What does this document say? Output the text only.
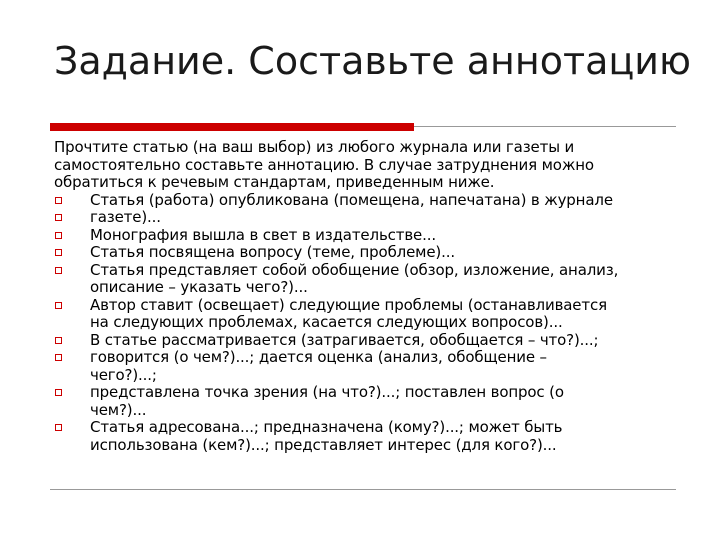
Задание. Составьте аннотацию
Прочтите статью (на ваш выбор) из любого журнала или газеты и
самостоятельно составьте аннотацию. В случае затруднения можно
обратиться к речевым стандартам, приведенным ниже.
Статья (работа) опубликована (помещена, напечатана) в журнале
газете)...
Монография вышла в свет в издательстве...
Статья посвящена вопросу (теме, проблеме)...
Статья представляет собой обобщение (обзор, изложение, анализ,
описание – указать чего?)...
Автор ставит (освещает) следующие проблемы (останавливается
на следующих проблемах, касается следующих вопросов)...
В статье рассматривается (затрагивается, обобщается – что?)...;
говорится (о чем?)...; дается оценка (анализ, обобщение –
чего?)...;
представлена точка зрения (на что?)...; поставлен вопрос (о
чем?)...
Статья адресована...; предназначена (кому?)...; может быть
использована (кем?)...; представляет интерес (для кого?)...
